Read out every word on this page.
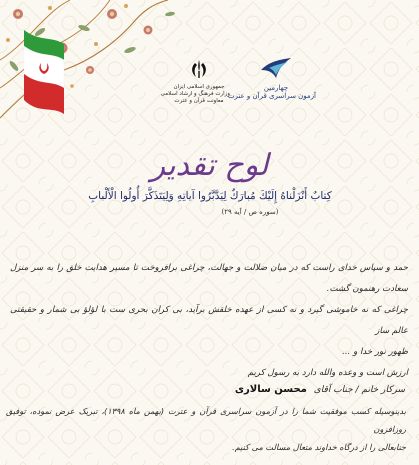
جمهوری اسلامی ایران
وزارت فرهنگ و ارشاد اسلامی
معاونت قرآن و عترت
چهارمین
آزمون سراسری قرآن و عترت
لوح تقدیر
كِتابٌ أَنْزَلْناهُ إِلَيْكَ مُبارَكٌ لِيَدَّبَّرُوا آياتِهِ وَلِيَتَذَكَّرَ أُولُوا الْأَلْبابِ
(سوره ص / آیه ۲۹)

حمد و سپاس خدای راست که در میان ضلالت و جهالت، چراغی برافروخت تا مسیر هدایت خلق را به سر منزل سعادت رهنمون گشت.

چراغی که نه خاموشی گیرد و نه کسی از عهده خلقش برآید، بی کران بحری ست با لؤلؤ بی شمار و حقیقتی عالم ساز

ظهور نور خدا و ...

ارزش است و وعده والله دارد به رسول کریم

سرکار خانم / جناب آقای محسن سالاری
بدینوسیله کسب موفقیت شما را در آزمون سراسری قرآن و عترت (بهمن ماه ۱۳۹۸)، تبریک عرض نموده، توفیق روزافزون
جنابعالی را از درگاه خداوند متعال مسالت می کنیم.
